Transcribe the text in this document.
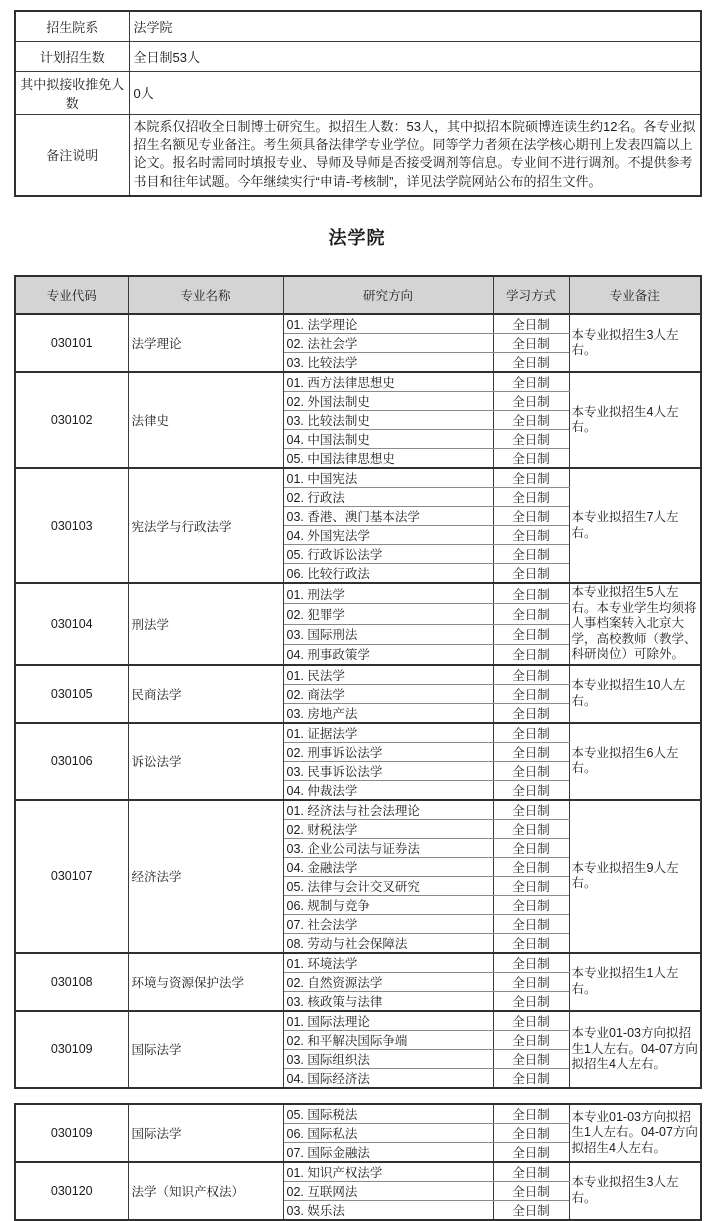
招生院系	法学院
计划招生数	全日制53人
其中拟接收推免人数	0人
备注说明	本院系仅招收全日制博士研究生。拟招生人数：53人，其中拟招本院硕博连读生约12名。各专业拟招生名额见专业备注。考生须具备法律学专业学位。同等学力者须在法学核心期刊上发表四篇以上论文。报名时需同时填报专业、导师及导师是否接受调剂等信息。专业间不进行调剂。不提供参考书目和往年试题。今年继续实行“申请-考核制”，详见法学院网站公布的招生文件。
法学院
专业代码	专业名称	研究方向	学习方式	专业备注
030101	法学理论	01. 法学理论	全日制	本专业拟招生3人左右。
		02. 法社会学	全日制	
		03. 比较法学	全日制	
030102	法律史	01. 西方法律思想史	全日制	本专业拟招生4人左右。
		02. 外国法制史	全日制	
		03. 比较法制史	全日制	
		04. 中国法制史	全日制	
		05. 中国法律思想史	全日制	
030103	宪法学与行政法学	01. 中国宪法	全日制	本专业拟招生7人左右。
		02. 行政法	全日制	
		03. 香港、澳门基本法学	全日制	
		04. 外国宪法学	全日制	
		05. 行政诉讼法学	全日制	
		06. 比较行政法	全日制	
030104	刑法学	01. 刑法学	全日制	本专业拟招生5人左右。本专业学生均须将人事档案转入北京大学，高校教师（教学、科研岗位）可除外。
		02. 犯罪学	全日制	
		03. 国际刑法	全日制	
		04. 刑事政策学	全日制	
030105	民商法学	01. 民法学	全日制	本专业拟招生10人左右。
		02. 商法学	全日制	
		03. 房地产法	全日制	
030106	诉讼法学	01. 证据法学	全日制	本专业拟招生6人左右。
		02. 刑事诉讼法学	全日制	
		03. 民事诉讼法学	全日制	
		04. 仲裁法学	全日制	
030107	经济法学	01. 经济法与社会法理论	全日制	本专业拟招生9人左右。
		02. 财税法学	全日制	
		03. 企业公司法与证券法	全日制	
		04. 金融法学	全日制	
		05. 法律与会计交叉研究	全日制	
		06. 规制与竞争	全日制	
		07. 社会法学	全日制	
		08. 劳动与社会保障法	全日制	
030108	环境与资源保护法学	01. 环境法学	全日制	本专业拟招生1人左右。
		02. 自然资源法学	全日制	
		03. 核政策与法律	全日制	
030109	国际法学	01. 国际法理论	全日制	本专业01-03方向拟招生1人左右。04-07方向拟招生4人左右。
		02. 和平解决国际争端	全日制	
		03. 国际组织法	全日制	
		04. 国际经济法	全日制	
030109	国际法学	05. 国际税法	全日制	本专业01-03方向拟招生1人左右。04-07方向拟招生4人左右。
		06. 国际私法	全日制	
		07. 国际金融法	全日制	
030120	法学（知识产权法）	01. 知识产权法学	全日制	本专业拟招生3人左右。
		02. 互联网法	全日制	
		03. 娱乐法	全日制	
